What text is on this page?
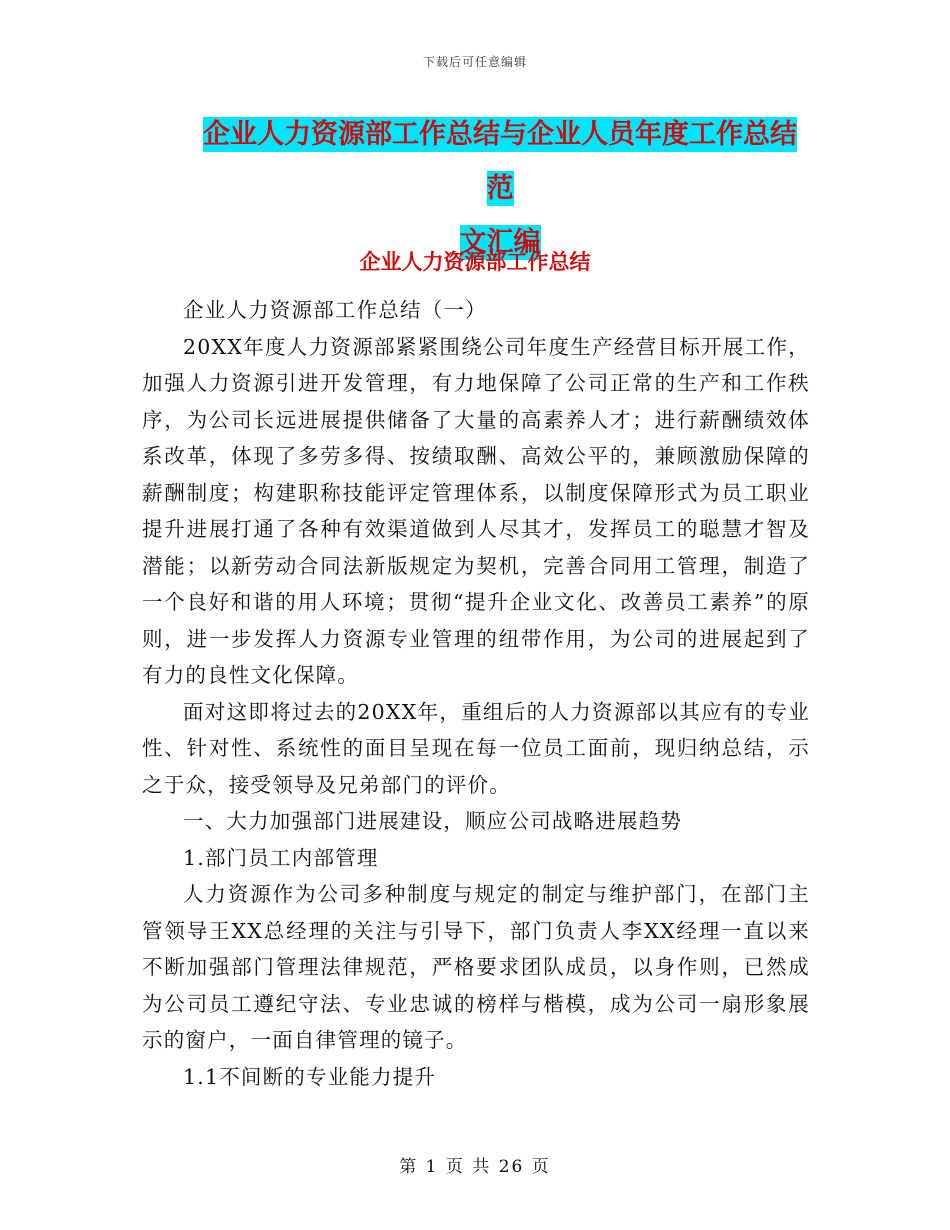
下载后可任意编辑
企业人力资源部工作总结与企业人员年度工作总结范
文汇编
企业人力资源部工作总结

企业人力资源部工作总结（一）

20XX年度人力资源部紧紧围绕公司年度生产经营目标开展工作，加强人力资源引进开发管理，有力地保障了公司正常的生产和工作秩序，为公司长远进展提供储备了大量的高素养人才；进行薪酬绩效体系改革，体现了多劳多得、按绩取酬、高效公平的，兼顾激励保障的薪酬制度；构建职称技能评定管理体系，以制度保障形式为员工职业提升进展打通了各种有效渠道做到人尽其才，发挥员工的聪慧才智及潜能；以新劳动合同法新版规定为契机，完善合同用工管理，制造了一个良好和谐的用人环境；贯彻“提升企业文化、改善员工素养”的原则，进一步发挥人力资源专业管理的纽带作用，为公司的进展起到了有力的良性文化保障。

面对这即将过去的20XX年，重组后的人力资源部以其应有的专业性、针对性、系统性的面目呈现在每一位员工面前，现归纳总结，示之于众，接受领导及兄弟部门的评价。

一、大力加强部门进展建设，顺应公司战略进展趋势

1.部门员工内部管理

人力资源作为公司多种制度与规定的制定与维护部门，在部门主管领导王XX总经理的关注与引导下，部门负责人李XX经理一直以来不断加强部门管理法律规范，严格要求团队成员，以身作则，已然成为公司员工遵纪守法、专业忠诚的榜样与楷模，成为公司一扇形象展示的窗户，一面自律管理的镜子。

1.1不间断的专业能力提升

第 1 页 共 26 页
